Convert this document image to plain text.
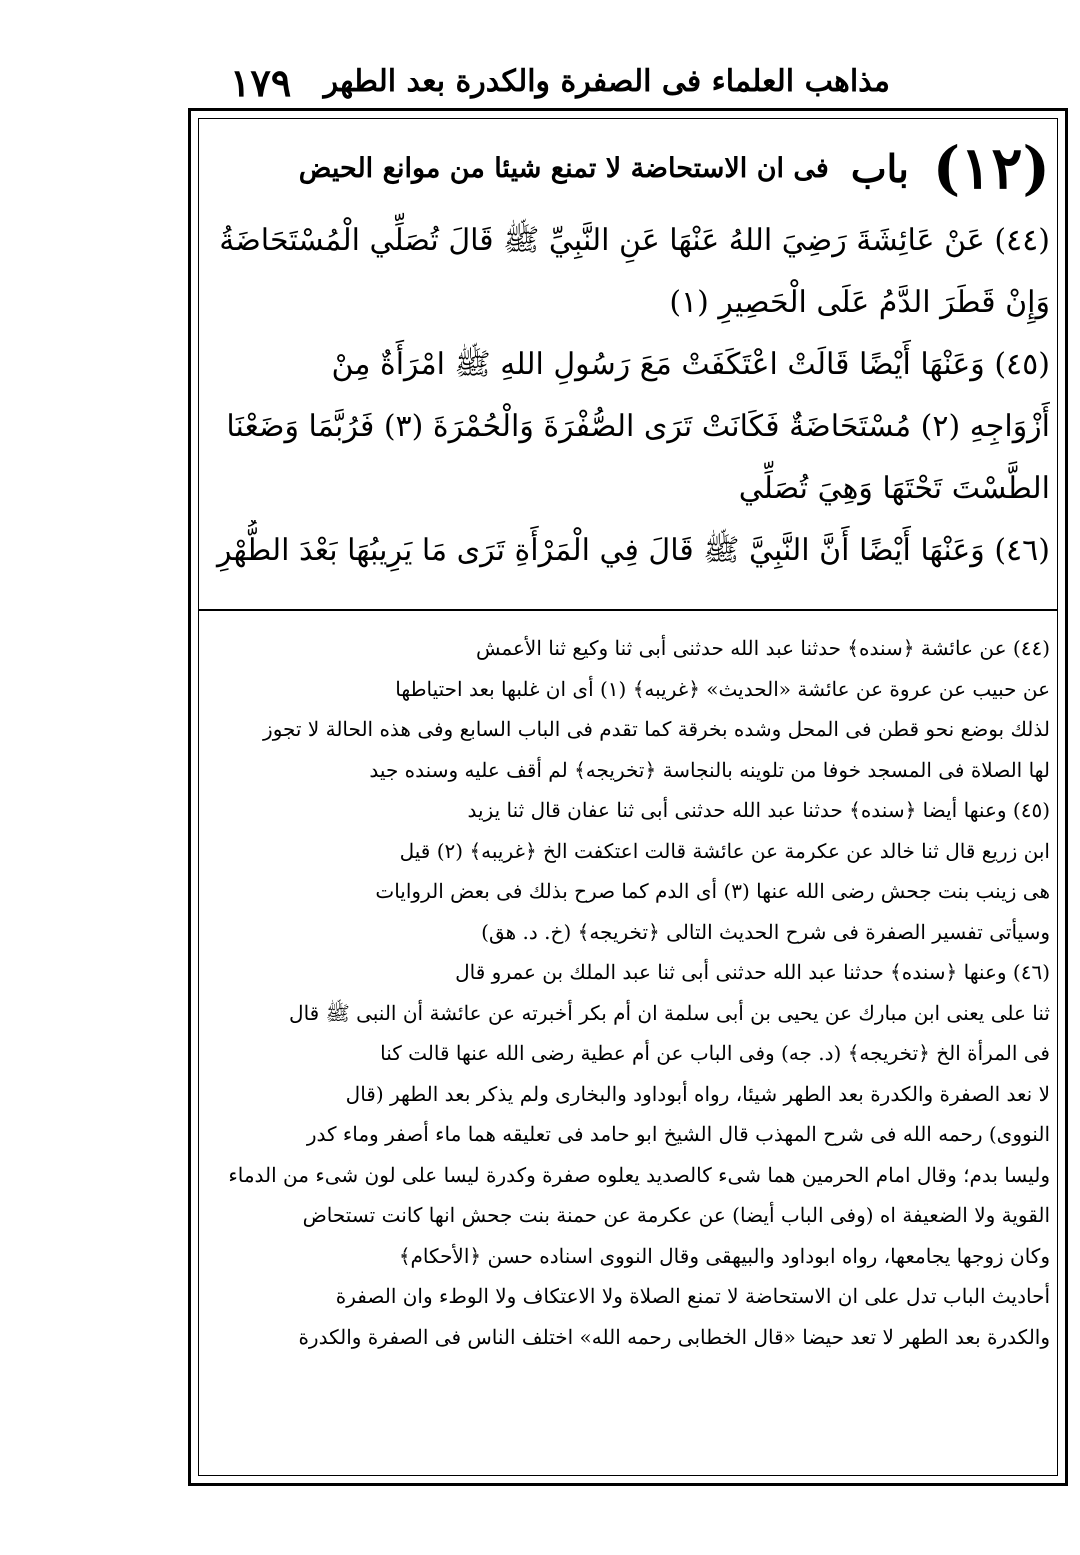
١٧٩ مذاهب العلماء فى الصفرة والكدرة بعد الطهر
(١٢)
باب
فى ان الاستحاضة لا تمنع شيئا من موانع الحيض
(٤٤) عَنْ عَائِشَةَ رَضِيَ اللهُ عَنْهَا عَنِ النَّبِيِّ ﷺ قَالَ تُصَلِّي الْمُسْتَحَاضَةُ
وَإِنْ قَطَرَ الدَّمُ عَلَى الْحَصِيرِ (١)
(٤٥) وَعَنْهَا أَيْضًا قَالَتْ اعْتَكَفَتْ مَعَ رَسُولِ اللهِ ﷺ امْرَأَةٌ مِنْ
أَزْوَاجِهِ (٢) مُسْتَحَاضَةٌ فَكَانَتْ تَرَى الصُّفْرَةَ وَالْحُمْرَةَ (٣) فَرُبَّمَا وَضَعْنَا
الطَّسْتَ تَحْتَهَا وَهِيَ تُصَلِّي
(٤٦) وَعَنْهَا أَيْضًا أَنَّ النَّبِيَّ ﷺ قَالَ فِي الْمَرْأَةِ تَرَى مَا يَرِيبُهَا بَعْدَ الطُّهْرِ
(٤٤) عن عائشة ﴿سنده﴾ حدثنا عبد الله حدثنى أبى ثنا وكيع ثنا الأعمش
عن حبيب عن عروة عن عائشة «الحديث» ﴿غريبه﴾ (١) أى ان غلبها بعد احتياطها
لذلك بوضع نحو قطن فى المحل وشده بخرقة كما تقدم فى الباب السابع وفى هذه الحالة لا تجوز
لها الصلاة فى المسجد خوفا من تلوينه بالنجاسة ﴿تخريجه﴾ لم أقف عليه وسنده جيد
(٤٥) وعنها أيضا ﴿سنده﴾ حدثنا عبد الله حدثنى أبى ثنا عفان قال ثنا يزيد
ابن زريع قال ثنا خالد عن عكرمة عن عائشة قالت اعتكفت الخ ﴿غريبه﴾ (٢) قيل
هى زينب بنت جحش رضى الله عنها (٣) أى الدم كما صرح بذلك فى بعض الروايات
وسيأتى تفسير الصفرة فى شرح الحديث التالى ﴿تخريجه﴾ (خ. د. هق)
(٤٦) وعنها ﴿سنده﴾ حدثنا عبد الله حدثنى أبى ثنا عبد الملك بن عمرو قال
ثنا على يعنى ابن مبارك عن يحيى بن أبى سلمة ان أم بكر أخبرته عن عائشة أن النبى ﷺ قال
فى المرأة الخ ﴿تخريجه﴾ (د. جه) وفى الباب عن أم عطية رضى الله عنها قالت كنا
لا نعد الصفرة والكدرة بعد الطهر شيئا، رواه أبوداود والبخارى ولم يذكر بعد الطهر (قال
النووى) رحمه الله فى شرح المهذب قال الشيخ ابو حامد فى تعليقه هما ماء أصفر وماء كدر
وليسا بدم؛ وقال امام الحرمين هما شىء كالصديد يعلوه صفرة وكدرة ليسا على لون شىء من الدماء
القوية ولا الضعيفة اه (وفى الباب أيضا) عن عكرمة عن حمنة بنت جحش انها كانت تستحاض
وكان زوجها يجامعها، رواه ابوداود والبيهقى وقال النووى اسناده حسن ﴿الأحكام﴾
أحاديث الباب تدل على ان الاستحاضة لا تمنع الصلاة ولا الاعتكاف ولا الوطء وان الصفرة
والكدرة بعد الطهر لا تعد حيضا «قال الخطابى رحمه الله» اختلف الناس فى الصفرة والكدرة
